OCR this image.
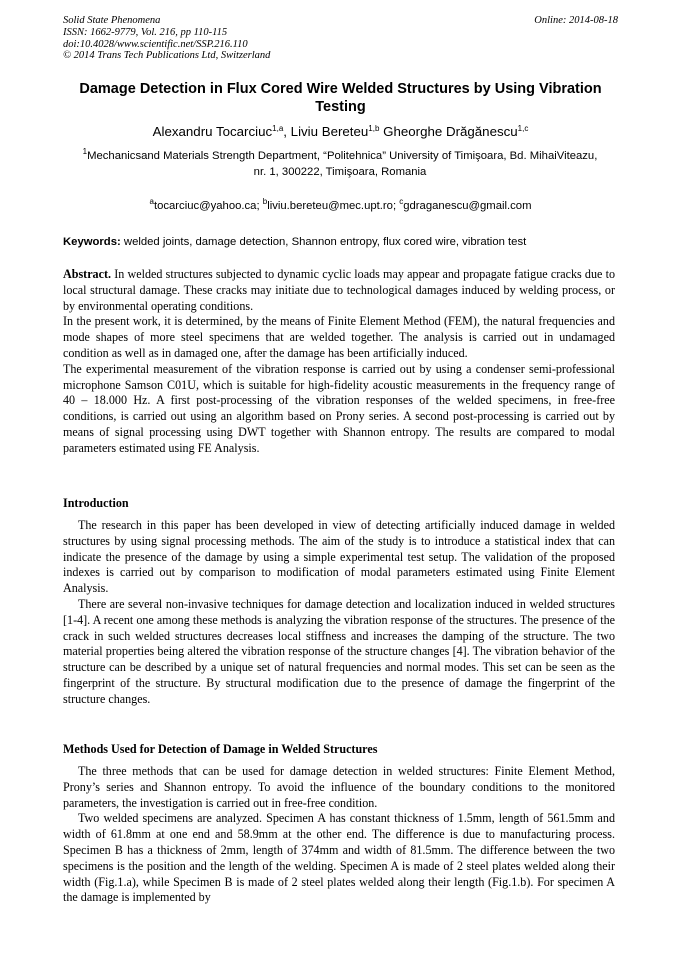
Solid State Phenomena
ISSN: 1662-9779, Vol. 216, pp 110-115
doi:10.4028/www.scientific.net/SSP.216.110
© 2014 Trans Tech Publications Ltd, Switzerland
Online: 2014-08-18
Damage Detection in Flux Cored Wire Welded Structures by Using Vibration Testing
Alexandru Tocarciuc$^{1,a}$, Liviu Bereteu$^{1,b}$ Gheorghe Drăgănescu$^{1,c}$
$^1$Mechanicsand Materials Strength Department, “Politehnica” University of Timişoara, Bd. MihaiViteazu, nr. 1, 300222, Timişoara, Romania
$^a$tocarciuc@yahoo.ca; $^b$liviu.bereteu@mec.upt.ro; $^c$gdraganescu@gmail.com
Keywords: welded joints, damage detection, Shannon entropy, flux cored wire, vibration test

Abstract. In welded structures subjected to dynamic cyclic loads may appear and propagate fatigue cracks due to local structural damage. These cracks may initiate due to technological damages induced by welding process, or by environmental operating conditions.

In the present work, it is determined, by the means of Finite Element Method (FEM), the natural frequencies and mode shapes of more steel specimens that are welded together. The analysis is carried out in undamaged condition as well as in damaged one, after the damage has been artificially induced.

The experimental measurement of the vibration response is carried out by using a condenser semi-professional microphone Samson C01U, which is suitable for high-fidelity acoustic measurements in the frequency range of 40 – 18.000 Hz. A first post-processing of the vibration responses of the welded specimens, in free-free conditions, is carried out using an algorithm based on Prony series. A second post-processing is carried out by means of signal processing using DWT together with Shannon entropy. The results are compared to modal parameters estimated using FE Analysis.

Introduction

The research in this paper has been developed in view of detecting artificially induced damage in welded structures by using signal processing methods. The aim of the study is to introduce a statistical index that can indicate the presence of the damage by using a simple experimental test setup. The validation of the proposed indexes is carried out by comparison to modification of modal parameters estimated using Finite Element Analysis.

There are several non-invasive techniques for damage detection and localization induced in welded structures [1-4]. A recent one among these methods is analyzing the vibration response of the structures. The presence of the crack in such welded structures decreases local stiffness and increases the damping of the structure. The two material properties being altered the vibration response of the structure changes [4]. The vibration behavior of the structure can be described by a unique set of natural frequencies and normal modes. This set can be seen as the fingerprint of the structure. By structural modification due to the presence of damage the fingerprint of the structure changes.

Methods Used for Detection of Damage in Welded Structures

The three methods that can be used for damage detection in welded structures: Finite Element Method, Prony’s series and Shannon entropy. To avoid the influence of the boundary conditions to the monitored parameters, the investigation is carried out in free-free condition.

Two welded specimens are analyzed. Specimen A has constant thickness of 1.5mm, length of 561.5mm and width of 61.8mm at one end and 58.9mm at the other end. The difference is due to manufacturing process. Specimen B has a thickness of 2mm, length of 374mm and width of 81.5mm. The difference between the two specimens is the position and the length of the welding. Specimen A is made of 2 steel plates welded along their width (Fig.1.a), while Specimen B is made of 2 steel plates welded along their length (Fig.1.b). For specimen A the damage is implemented by
